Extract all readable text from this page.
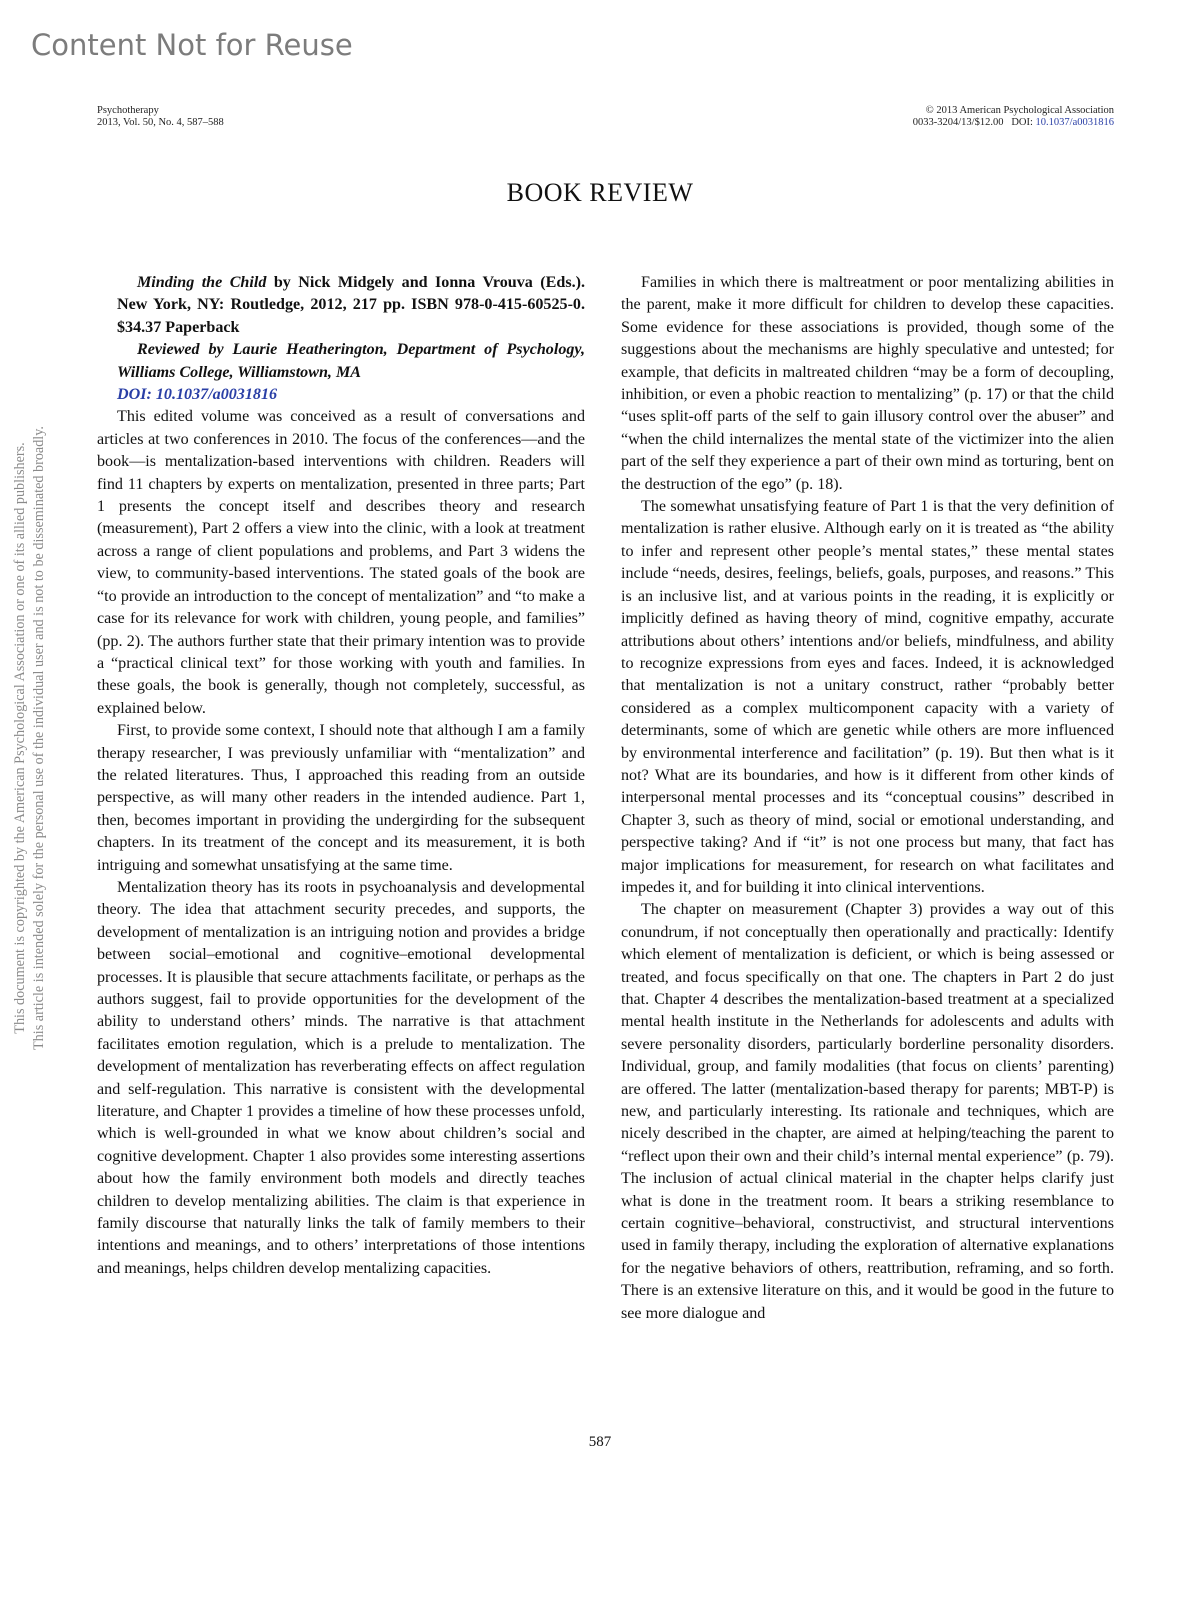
Content Not for Reuse
This document is copyrighted by the American Psychological Association or one of its allied publishers. This article is intended solely for the personal use of the individual user and is not to be disseminated broadly.
Psychotherapy
2013, Vol. 50, No. 4, 587–588
© 2013 American Psychological Association
0033-3204/13/$12.00   DOI: 10.1037/a0031816
BOOK REVIEW

Minding the Child by Nick Midgely and Ionna Vrouva (Eds.). New York, NY: Routledge, 2012, 217 pp. ISBN 978-0-415-60525-0. $34.37 Paperback

Reviewed by Laurie Heatherington, Department of Psychology, Williams College, Williamstown, MA

DOI: 10.1037/a0031816

This edited volume was conceived as a result of conversations and articles at two conferences in 2010. The focus of the conferences—and the book—is mentalization-based interventions with children. Readers will find 11 chapters by experts on mentalization, presented in three parts; Part 1 presents the concept itself and describes theory and research (measurement), Part 2 offers a view into the clinic, with a look at treatment across a range of client populations and problems, and Part 3 widens the view, to community-based interventions. The stated goals of the book are “to provide an introduction to the concept of mentalization” and “to make a case for its relevance for work with children, young people, and families” (pp. 2). The authors further state that their primary intention was to provide a “practical clinical text” for those working with youth and families. In these goals, the book is generally, though not completely, successful, as explained below.

First, to provide some context, I should note that although I am a family therapy researcher, I was previously unfamiliar with “mentalization” and the related literatures. Thus, I approached this reading from an outside perspective, as will many other readers in the intended audience. Part 1, then, becomes important in providing the undergirding for the subsequent chapters. In its treatment of the concept and its measurement, it is both intriguing and somewhat unsatisfying at the same time.

Mentalization theory has its roots in psychoanalysis and developmental theory. The idea that attachment security precedes, and supports, the development of mentalization is an intriguing notion and provides a bridge between social–emotional and cognitive–emotional developmental processes. It is plausible that secure attachments facilitate, or perhaps as the authors suggest, fail to provide opportunities for the development of the ability to understand others’ minds. The narrative is that attachment facilitates emotion regulation, which is a prelude to mentalization. The development of mentalization has reverberating effects on affect regulation and self-regulation. This narrative is consistent with the developmental literature, and Chapter 1 provides a timeline of how these processes unfold, which is well-grounded in what we know about children’s social and cognitive development. Chapter 1 also provides some interesting assertions about how the family environment both models and directly teaches children to develop mentalizing abilities. The claim is that experience in family discourse that naturally links the talk of family members to their intentions and meanings, and to others’ interpretations of those intentions and meanings, helps children develop mentalizing capacities.

Families in which there is maltreatment or poor mentalizing abilities in the parent, make it more difficult for children to develop these capacities. Some evidence for these associations is provided, though some of the suggestions about the mechanisms are highly speculative and untested; for example, that deficits in maltreated children “may be a form of decoupling, inhibition, or even a phobic reaction to mentalizing” (p. 17) or that the child “uses split-off parts of the self to gain illusory control over the abuser” and “when the child internalizes the mental state of the victimizer into the alien part of the self they experience a part of their own mind as torturing, bent on the destruction of the ego” (p. 18).

The somewhat unsatisfying feature of Part 1 is that the very definition of mentalization is rather elusive. Although early on it is treated as “the ability to infer and represent other people’s mental states,” these mental states include “needs, desires, feelings, beliefs, goals, purposes, and reasons.” This is an inclusive list, and at various points in the reading, it is explicitly or implicitly defined as having theory of mind, cognitive empathy, accurate attributions about others’ intentions and/or beliefs, mindfulness, and ability to recognize expressions from eyes and faces. Indeed, it is acknowledged that mentalization is not a unitary construct, rather “probably better considered as a complex multicomponent capacity with a variety of determinants, some of which are genetic while others are more influenced by environmental interference and facilitation” (p. 19). But then what is it not? What are its boundaries, and how is it different from other kinds of interpersonal mental processes and its “conceptual cousins” described in Chapter 3, such as theory of mind, social or emotional understanding, and perspective taking? And if “it” is not one process but many, that fact has major implications for measurement, for research on what facilitates and impedes it, and for building it into clinical interventions.

The chapter on measurement (Chapter 3) provides a way out of this conundrum, if not conceptually then operationally and practically: Identify which element of mentalization is deficient, or which is being assessed or treated, and focus specifically on that one. The chapters in Part 2 do just that. Chapter 4 describes the mentalization-based treatment at a specialized mental health institute in the Netherlands for adolescents and adults with severe personality disorders, particularly borderline personality disorders. Individual, group, and family modalities (that focus on clients’ parenting) are offered. The latter (mentalization-based therapy for parents; MBT-P) is new, and particularly interesting. Its rationale and techniques, which are nicely described in the chapter, are aimed at helping/teaching the parent to “reflect upon their own and their child’s internal mental experience” (p. 79). The inclusion of actual clinical material in the chapter helps clarify just what is done in the treatment room. It bears a striking resemblance to certain cognitive–behavioral, constructivist, and structural interventions used in family therapy, including the exploration of alternative explanations for the negative behaviors of others, reattribution, reframing, and so forth. There is an extensive literature on this, and it would be good in the future to see more dialogue and

587
